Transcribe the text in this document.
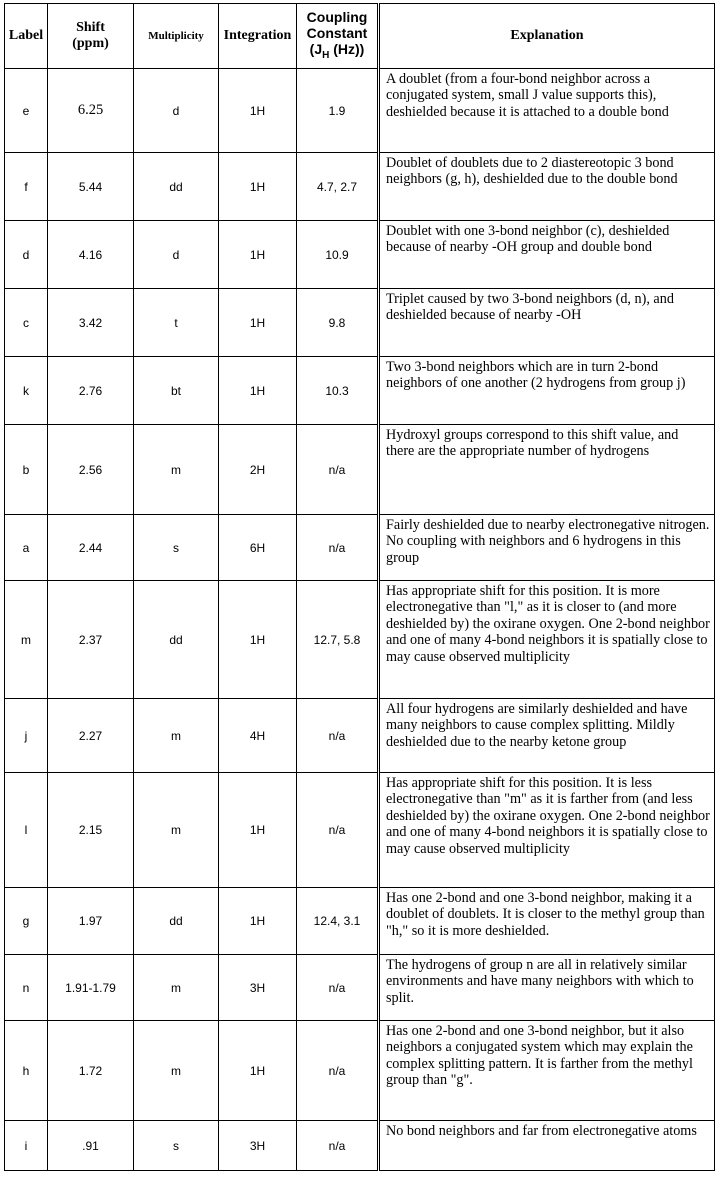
Label	Shift
(ppm)	Multiplicity	Integration	Coupling
Constant
($J_H$ (Hz))	Explanation
e	6.25	d	1H	1.9	A doublet (from a four-bond neighbor across a conjugated system, small J value supports this), deshielded because it is attached to a double bond
f	5.44	dd	1H	4.7, 2.7	Doublet of doublets due to 2 diastereotopic 3 bond neighbors (g, h), deshielded due to the double bond
d	4.16	d	1H	10.9	Doublet with one 3-bond neighbor (c), deshielded because of nearby -OH group and double bond
c	3.42	t	1H	9.8	Triplet caused by two 3-bond neighbors (d, n), and deshielded because of nearby -OH
k	2.76	bt	1H	10.3	Two 3-bond neighbors which are in turn 2-bond neighbors of one another (2 hydrogens from group j)
b	2.56	m	2H	n/a	Hydroxyl groups correspond to this shift value, and there are the appropriate number of hydrogens
a	2.44	s	6H	n/a	Fairly deshielded due to nearby electronegative nitrogen. No coupling with neighbors and 6 hydrogens in this group
m	2.37	dd	1H	12.7, 5.8	Has appropriate shift for this position. It is more electronegative than "l," as it is closer to (and more deshielded by) the oxirane oxygen. One 2-bond neighbor and one of many 4-bond neighbors it is spatially close to may cause observed multiplicity
j	2.27	m	4H	n/a	All four hydrogens are similarly deshielded and have many neighbors to cause complex splitting. Mildly deshielded due to the nearby ketone group
l	2.15	m	1H	n/a	Has appropriate shift for this position. It is less electronegative than "m" as it is farther from (and less deshielded by) the oxirane oxygen. One 2-bond neighbor and one of many 4-bond neighbors it is spatially close to may cause observed multiplicity
g	1.97	dd	1H	12.4, 3.1	Has one 2-bond and one 3-bond neighbor, making it a doublet of doublets. It is closer to the methyl group than "h," so it is more deshielded.
n	1.91-1.79	m	3H	n/a	The hydrogens of group n are all in relatively similar environments and have many neighbors with which to split.
h	1.72	m	1H	n/a	Has one 2-bond and one 3-bond neighbor, but it also neighbors a conjugated system which may explain the complex splitting pattern. It is farther from the methyl group than "g".
i	.91	s	3H	n/a	No bond neighbors and far from electronegative atoms
